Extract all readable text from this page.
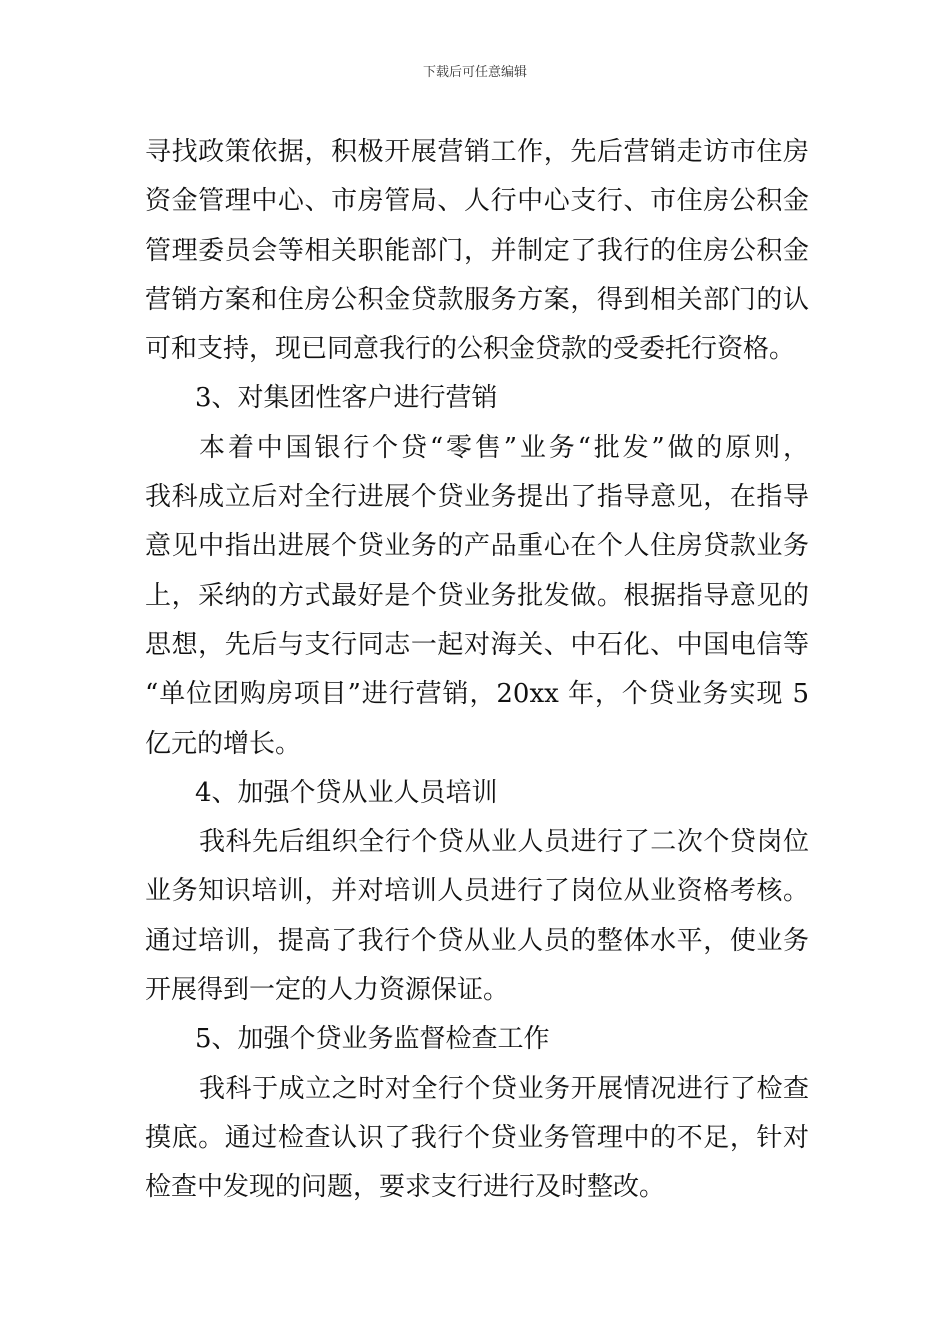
下载后可任意编辑
寻找政策依据，积极开展营销工作，先后营销走访市住房
资金管理中心、市房管局、人行中心支行、市住房公积金
管理委员会等相关职能部门，并制定了我行的住房公积金
营销方案和住房公积金贷款服务方案，得到相关部门的认
可和支持，现已同意我行的公积金贷款的受委托行资格。
3、对集团性客户进行营销
本着中国银行个贷“零售”业务“批发”做的原则，
我科成立后对全行进展个贷业务提出了指导意见，在指导
意见中指出进展个贷业务的产品重心在个人住房贷款业务
上，采纳的方式最好是个贷业务批发做。根据指导意见的
思想，先后与支行同志一起对海关、中石化、中国电信等
“单位团购房项目”进行营销，20xx 年，个贷业务实现 5
亿元的增长。
4、加强个贷从业人员培训
我科先后组织全行个贷从业人员进行了二次个贷岗位
业务知识培训，并对培训人员进行了岗位从业资格考核。
通过培训，提高了我行个贷从业人员的整体水平，使业务
开展得到一定的人力资源保证。
5、加强个贷业务监督检查工作
我科于成立之时对全行个贷业务开展情况进行了检查
摸底。通过检查认识了我行个贷业务管理中的不足，针对
检查中发现的问题，要求支行进行及时整改。
